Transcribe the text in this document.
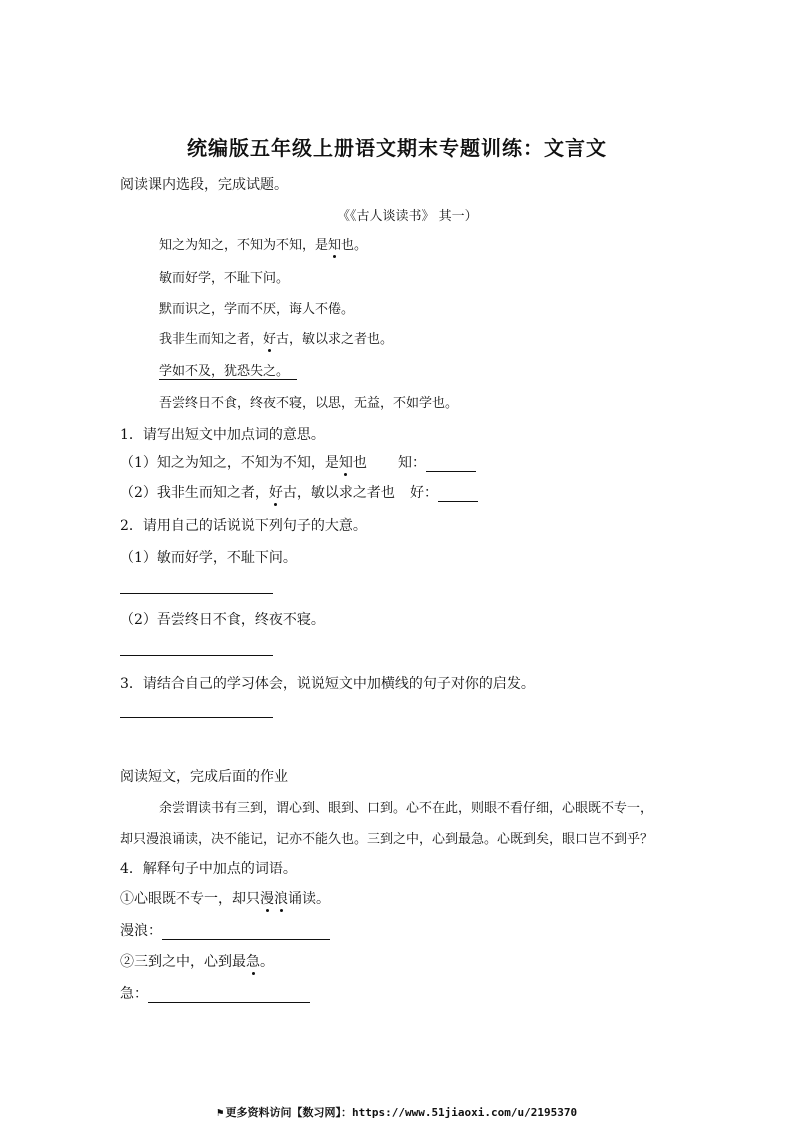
统编版五年级上册语文期末专题训练：文言文
阅读课内选段，完成试题。
《《古人谈读书》 其一）
知之为知之，不知为不知，是知也。
敏而好学，不耻下问。
默而识之，学而不厌，诲人不倦。
我非生而知之者，好古，敏以求之者也。
学如不及，犹恐失之。
吾尝终日不食，终夜不寝，以思，无益，不如学也。
1．请写出短文中加点词的意思。
（1）知之为知之，不知为不知，是知也 知：
（2）我非生而知之者，好古，敏以求之者也 好：
2．请用自己的话说说下列句子的大意。
（1）敏而好学，不耻下问。
（2）吾尝终日不食，终夜不寝。
3．请结合自己的学习体会，说说短文中加横线的句子对你的启发。
阅读短文，完成后面的作业
余尝谓读书有三到，谓心到、眼到、口到。心不在此，则眼不看仔细，心眼既不专一，
却只漫浪诵读，决不能记，记亦不能久也。三到之中，心到最急。心既到矣，眼口岂不到乎？
4．解释句子中加点的词语。
①心眼既不专一，却只漫浪诵读。
漫浪：
②三到之中，心到最急。
急：
⚑ 更多资料访问【数习网】：https://www.51jiaoxi.com/u/2195370
